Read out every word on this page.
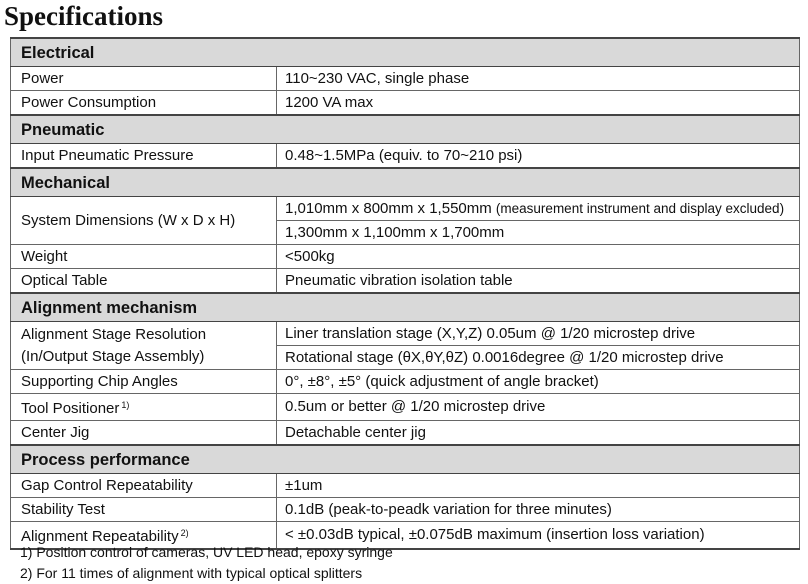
Specifications
Electrical	
Power	110~230 VAC, single phase
Power Consumption	1200 VA max
Pneumatic	
Input Pneumatic Pressure	0.48~1.5MPa (equiv. to 70~210 psi)
Mechanical	
System Dimensions (W x D x H)	1,010mm x 800mm x 1,550mm (measurement instrument and display excluded)
	1,300mm x 1,100mm x 1,700mm
Weight	<500kg
Optical Table	Pneumatic vibration isolation table
Alignment mechanism	
Alignment Stage Resolution
(In/Output Stage Assembly)	Liner translation stage (X,Y,Z) 0.05um @ 1/20 microstep drive
	Rotational stage (θX,θY,θZ) 0.0016degree @ 1/20 microstep drive
Supporting Chip Angles	0°, ±8°, ±5° (quick adjustment of angle bracket)
Tool Positioner $^{1)}$	0.5um or better @ 1/20 microstep drive
Center Jig	Detachable center jig
Process performance	
Gap Control Repeatability	±1um
Stability Test	0.1dB (peak-to-peadk variation for three minutes)
Alignment Repeatability $^{2)}$	< ±0.03dB typical, ±0.075dB maximum (insertion loss variation)
1) Position control of cameras, UV LED head, epoxy syringe
2) For 11 times of alignment with typical optical splitters
